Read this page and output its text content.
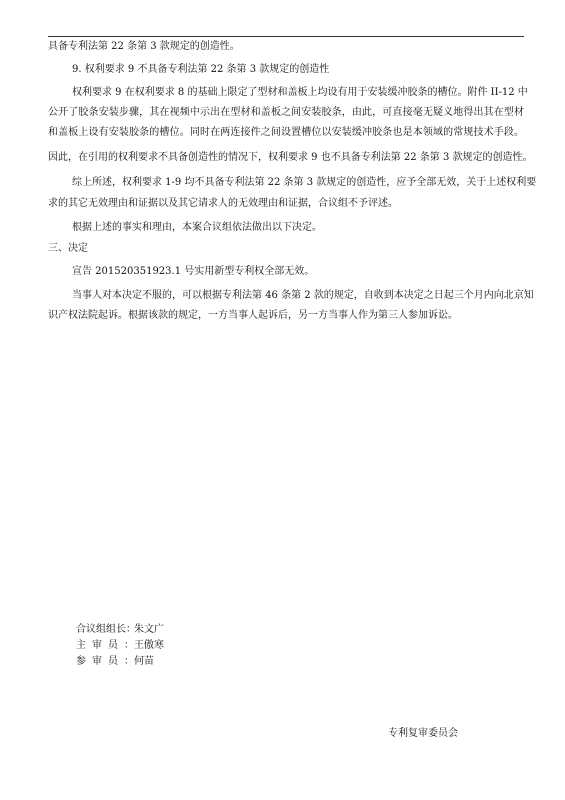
具备专利法第 22 条第 3 款规定的创造性。
9. 权利要求 9 不具备专利法第 22 条第 3 款规定的创造性
权利要求 9 在权利要求 8 的基础上限定了型材和盖板上均设有用于安装缓冲胶条的槽位。附件 II-12 中
公开了胶条安装步骤，其在视频中示出在型材和盖板之间安装胶条，由此，可直接毫无疑义地得出其在型材
和盖板上设有安装胶条的槽位。同时在两连接件之间设置槽位以安装缓冲胶条也是本领域的常规技术手段。
因此，在引用的权利要求不具备创造性的情况下，权利要求 9 也不具备专利法第 22 条第 3 款规定的创造性。
综上所述，权利要求 1-9 均不具备专利法第 22 条第 3 款规定的创造性，应予全部无效，关于上述权利要
求的其它无效理由和证据以及其它请求人的无效理由和证据，合议组不予评述。
根据上述的事实和理由，本案合议组依法做出以下决定。
三、决定
宣告 201520351923.1 号实用新型专利权全部无效。
当事人对本决定不服的，可以根据专利法第 46 条第 2 款的规定，自收到本决定之日起三个月内向北京知
识产权法院起诉。根据该款的规定，一方当事人起诉后，另一方当事人作为第三人参加诉讼。
合议组组长：
朱文广
主审员： 王傲寒
参审员： 何苗
专利复审委员会
